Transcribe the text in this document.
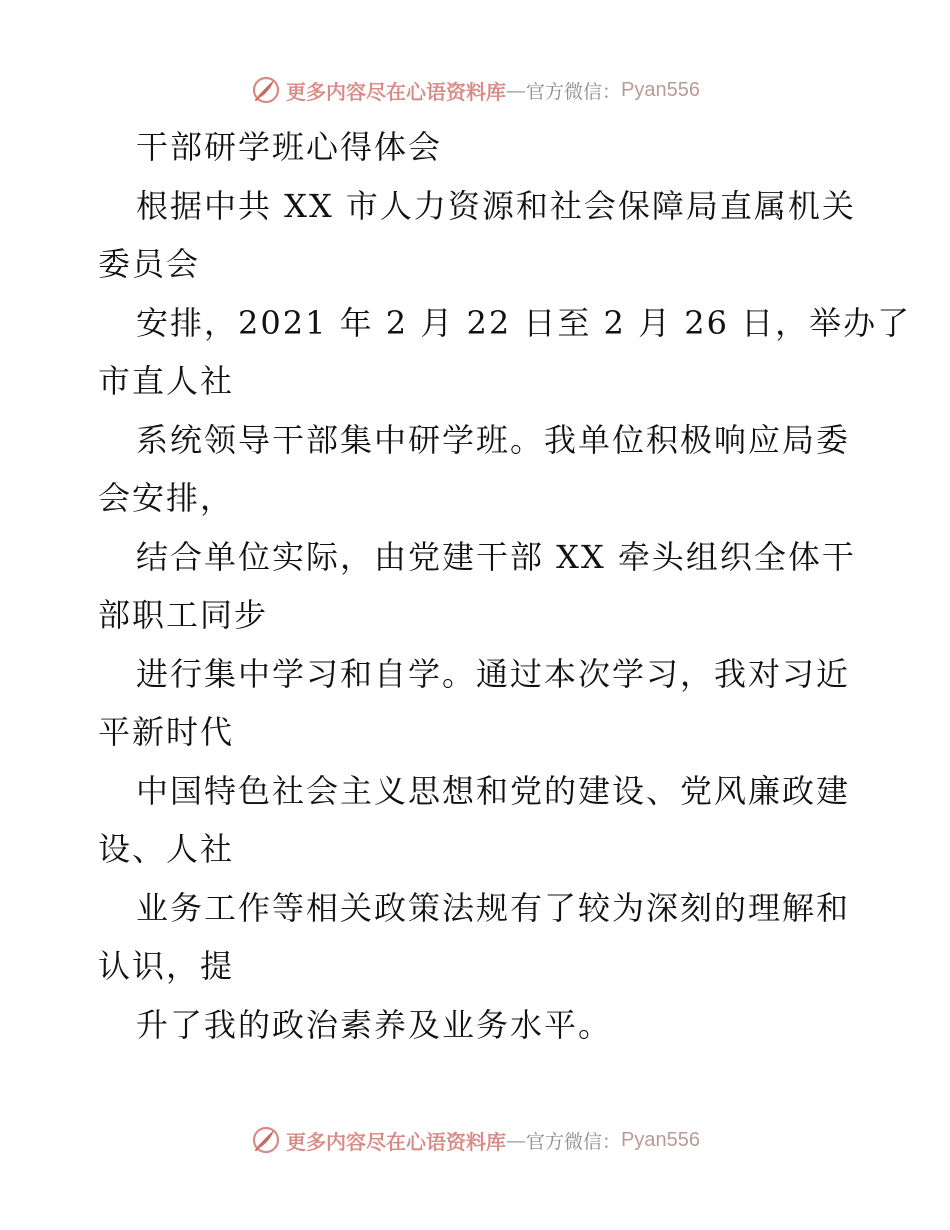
更多内容尽在心语资料库 — 官方微信： Pyan556
干部研学班心得体会
根据中共 XX 市人力资源和社会保障局直属机关
委员会
安排，2021 年 2 月 22 日至 2 月 26 日，举办了
市直人社
系统领导干部集中研学班。我单位积极响应局委
会安排，
结合单位实际，由党建干部 XX 牵头组织全体干
部职工同步
进行集中学习和自学。通过本次学习，我对习近
平新时代
中国特色社会主义思想和党的建设、党风廉政建
设、人社
业务工作等相关政策法规有了较为深刻的理解和
认识，提
升了我的政治素养及业务水平。
更多内容尽在心语资料库 — 官方微信： Pyan556
